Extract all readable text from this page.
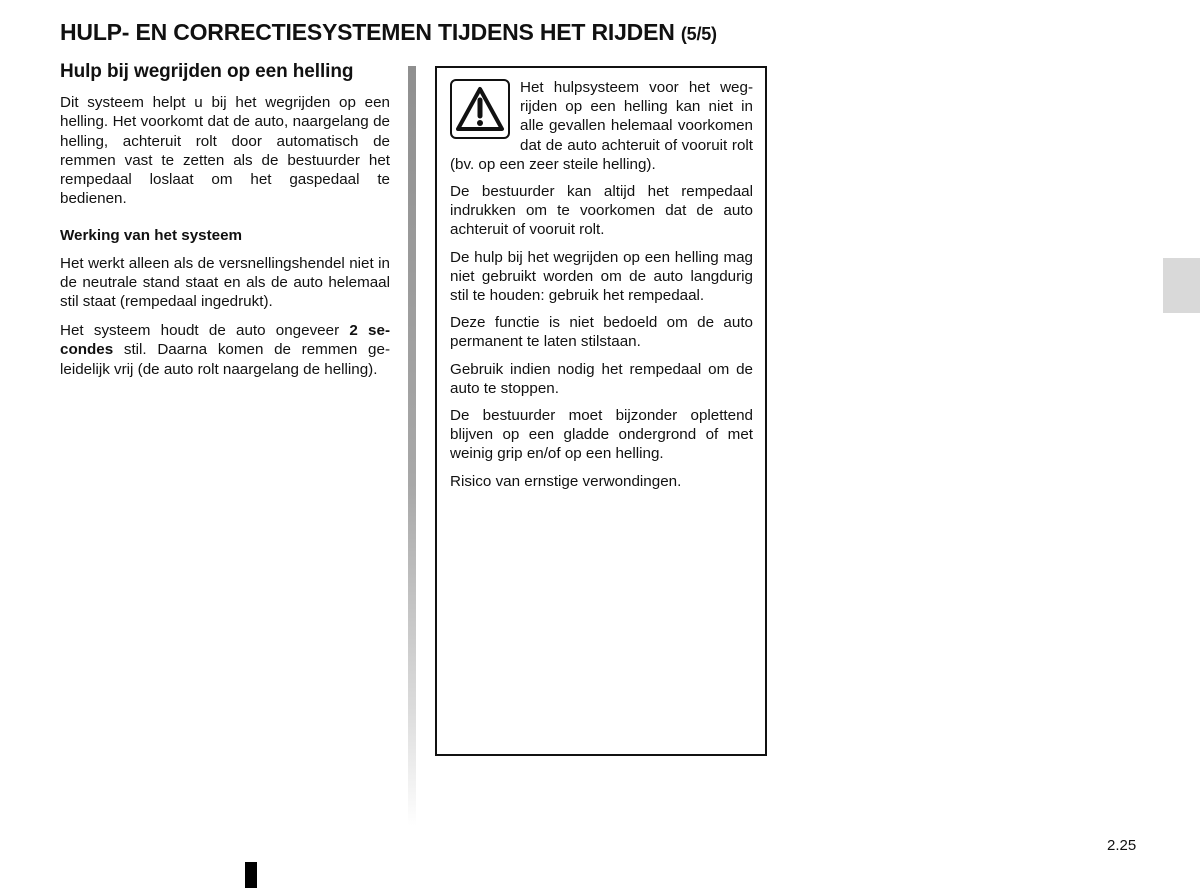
HULP- EN CORRECTIESYSTEMEN TIJDENS HET RIJDEN (5/5)
Hulp bij wegrijden op een helling

Dit systeem helpt u bij het wegrijden op een helling. Het voorkomt dat de auto, naargelang de helling, achteruit rolt door automatisch de remmen vast te zetten als de bestuurder het rempedaal loslaat om het gaspedaal te bedienen.

Werking van het systeem

Het werkt alleen als de versnellingshendel niet in de neutrale stand staat en als de auto helemaal stil staat (rempedaal ingedrukt).

Het systeem houdt de auto ongeveer 2 secondes stil. Daarna komen de remmen geleidelijk vrij (de auto rolt naargelang de helling).

Het hulpsysteem voor het wegrijden op een helling kan niet in alle gevallen helemaal voorkomen dat de auto achteruit of vooruit rolt (bv. op een zeer steile helling).

De bestuurder kan altijd het rempedaal indrukken om te voorkomen dat de auto achteruit of vooruit rolt.

De hulp bij het wegrijden op een helling mag niet gebruikt worden om de auto langdurig stil te houden: gebruik het rempedaal.

Deze functie is niet bedoeld om de auto permanent te laten stilstaan.

Gebruik indien nodig het rempedaal om de auto te stoppen.

De bestuurder moet bijzonder oplettend blijven op een gladde ondergrond of met weinig grip en/of op een helling.

Risico van ernstige verwondingen.

2.25
